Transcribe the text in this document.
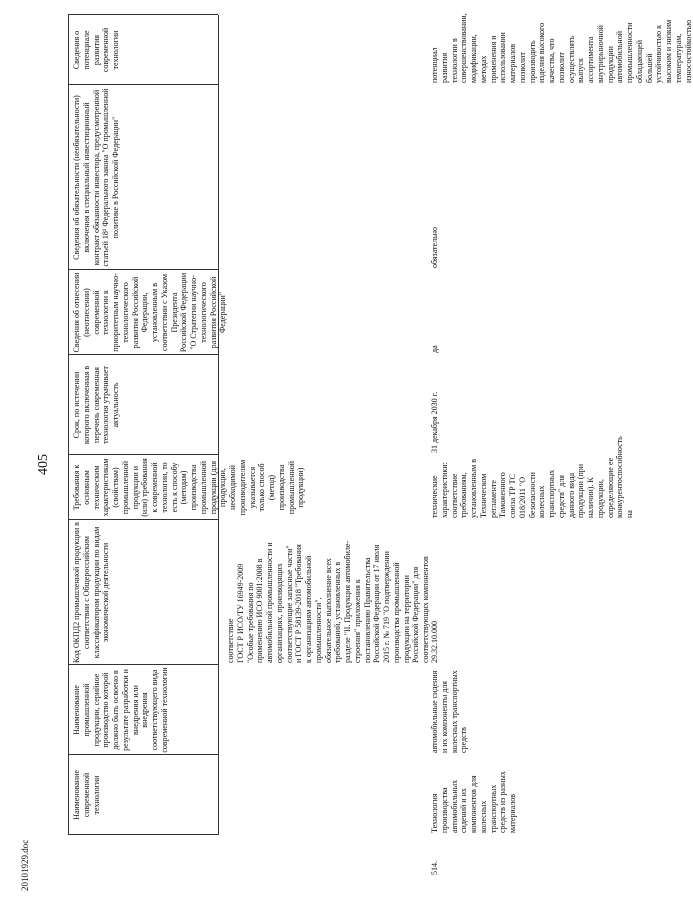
20101929.doc
405
Наименование современной технологии
Наименование промышленной продукции, серийное производство которой должно быть освоено в результате разработки и внедрения или внедрения соответствующего вида современной технологии
Код ОКПД2 промышленной продукции в соответствии с Общероссийским классификатором продукции по видам экономической деятельности
Требования к основным техническим характеристикам (свойствам) промышленной продукции и (или) требования к современной технологии, то есть к способу (методам) производства промышленной продукции (для продукции, необходимой производителям указывается только способ (метод) производства промышленной продукции)
Срок, по истечении которого включенная в перечень современная технология утрачивает актуальность
Сведения об отнесении (неотнесении) современной технологии к приоритетным научно-технологического развития Российской Федерации, установленным в соответствии с Указом Президента Российской Федерации "О Стратегии научно-технологического развития Российской Федерации"
Сведения об обязательности (необязательности) включения в специальный инвестиционный контракт обязанности инвестора, предусмотренной статьей 18¹ Федерального закона "О промышленной политике в Российской Федерации"
Сведения о потенциале развития современной технологии
соответствие
ГОСТ Р ИСО/ТУ 16949-2009
"Особые требования по
применению ИСО 9001:2008 в
автомобильной промышленности и
организациях, производящих
соответствующие запасные части"
и ГОСТ Р 58139-2018 "Требования
к организациям автомобильной
промышленности",
обязательное выполнение всех
требований, установленных в
разделе "II. Продукция автомобиле-
строения" приложения к
постановлению Правительства
Российской Федерации от 17 июля
2015 г. № 719 "О подтверждении
производства промышленной
продукции на территории
Российской Федерации" для
соответствующих компонентов
514.
Технология производства автомобильных сидений и их компонентов для колесных транспортных средств из разных материалов
автомобильные сидения и их компоненты для колесных транспортных средств
29.32.10.000
технические характеристики: соответствие требованиям, установленным в Техническом регламенте Таможенного союза ТР ТС 018/2011 "О безопасности колесных транспортных средств" для данного вида продукции (при наличии). К продукции, определяющие ее конкурентоспособность на
31 декабря 2030 г.
да
обязательно
потенциал развития технологии в совершенствовании, модификации, методах применения и использовании материалов позволит производить изделия высокого качества, что позволит осуществлять выпуск ассортимента внутрирыночной продукции автомобильной промышленности обладающей большей устойчивостью к высоким и низким температурам, износостойкостью
